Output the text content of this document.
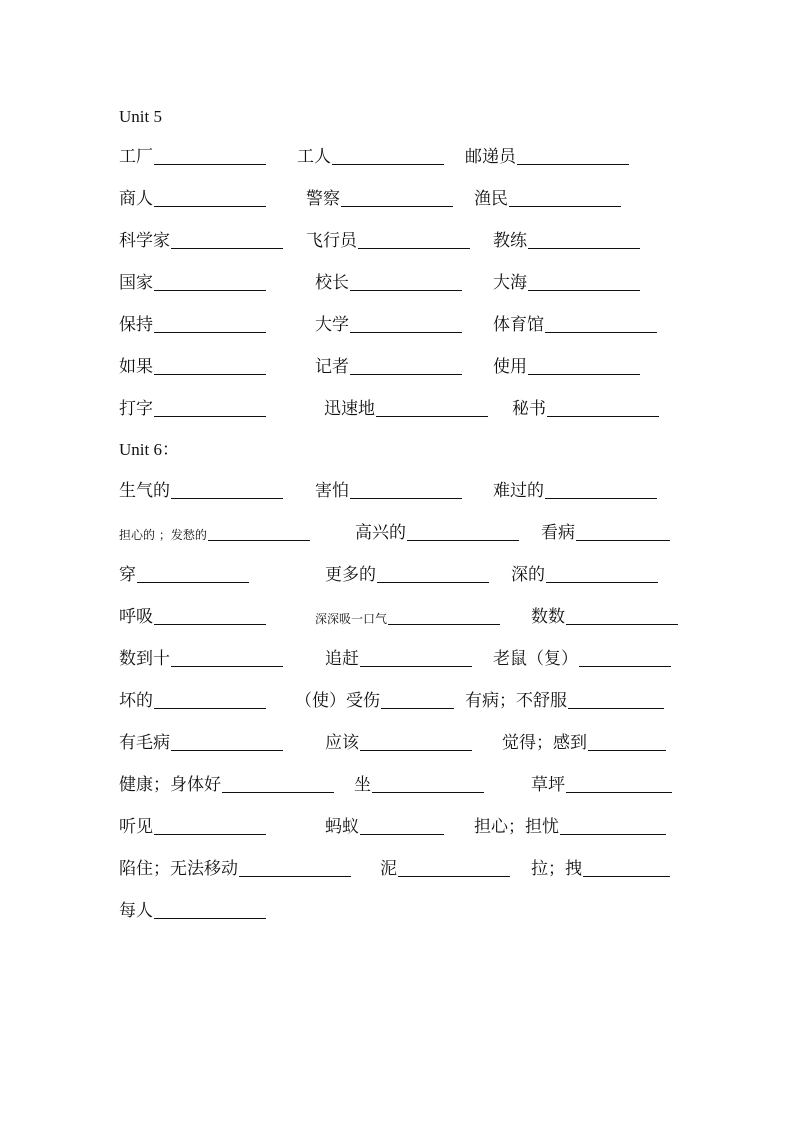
Unit 5
Unit 6：
工厂	工人	邮递员
商人	警察	渔民
科学家	飞行员	教练
国家	校长	大海
保持	大学	体育馆
如果	记者	使用
打字	迅速地	秘书
生气的	害怕	难过的
担心的 ；发愁的	高兴的	看病
穿	更多的	深的
呼吸	深深吸一口气	数数
数到十	追赶	老鼠（复）
坏的	（使）受伤	有病；不舒服
有毛病	应该	觉得；感到
健康；身体好	坐	草坪
听见	蚂蚁	担心；担忧
陷住；无法移动	泥	拉；拽
每人
